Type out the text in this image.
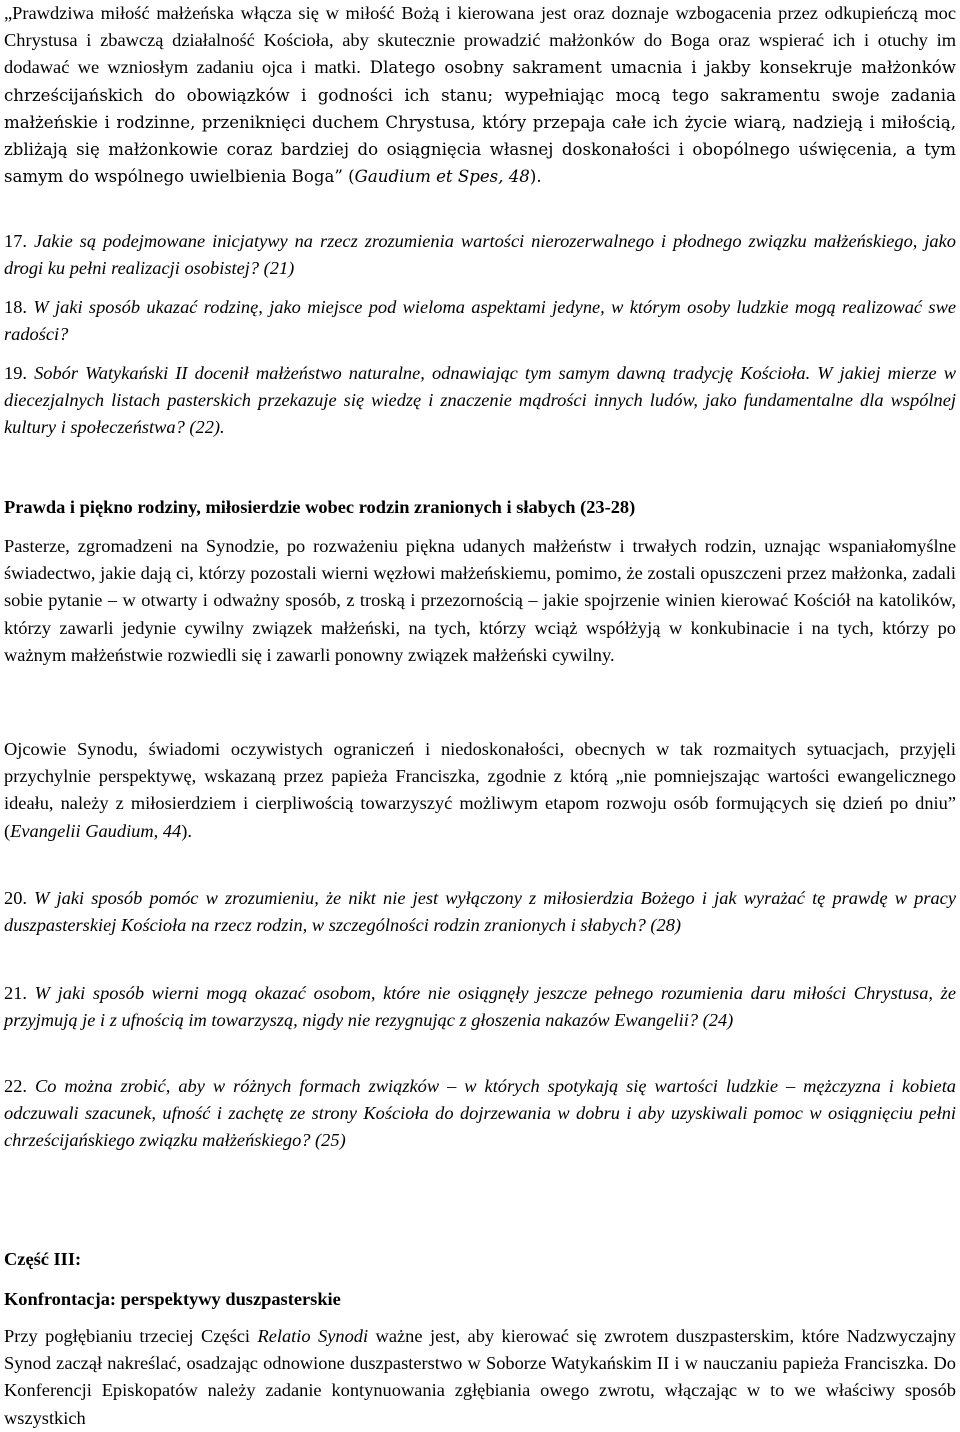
„Prawdziwa miłość małżeńska włącza się w miłość Bożą i kierowana jest oraz doznaje wzbogacenia przez odkupieńczą moc Chrystusa i zbawczą działalność Kościoła, aby skutecznie prowadzić małżonków do Boga oraz wspierać ich i otuchy im dodawać we wzniosłym zadaniu ojca i matki. Dlatego osobny sakrament umacnia i jakby konsekruje małżonków chrześcijańskich do obowiązków i godności ich stanu; wypełniając mocą tego sakramentu swoje zadania małżeńskie i rodzinne, przeniknięci duchem Chrystusa, który przepaja całe ich życie wiarą, nadzieją i miłością, zbliżają się małżonkowie coraz bardziej do osiągnięcia własnej doskonałości i obopólnego uświęcenia, a tym samym do wspólnego uwielbienia Boga” (Gaudium et Spes, 48).

17. Jakie są podejmowane inicjatywy na rzecz zrozumienia wartości nierozerwalnego i płodnego związku małżeńskiego, jako drogi ku pełni realizacji osobistej? (21)

18. W jaki sposób ukazać rodzinę, jako miejsce pod wieloma aspektami jedyne, w którym osoby ludzkie mogą realizować swe radości?

19. Sobór Watykański II docenił małżeństwo naturalne, odnawiając tym samym dawną tradycję Kościoła. W jakiej mierze w diecezjalnych listach pasterskich przekazuje się wiedzę i znaczenie mądrości innych ludów, jako fundamentalne dla wspólnej kultury i społeczeństwa? (22).

Prawda i piękno rodziny, miłosierdzie wobec rodzin zranionych i słabych (23-28)

Pasterze, zgromadzeni na Synodzie, po rozważeniu piękna udanych małżeństw i trwałych rodzin, uznając wspaniałomyślne świadectwo, jakie dają ci, którzy pozostali wierni węzłowi małżeńskiemu, pomimo, że zostali opuszczeni przez małżonka, zadali sobie pytanie – w otwarty i odważny sposób, z troską i przezornością – jakie spojrzenie winien kierować Kościół na katolików, którzy zawarli jedynie cywilny związek małżeński, na tych, którzy wciąż współżyją w konkubinacie i na tych, którzy po ważnym małżeństwie rozwiedli się i zawarli ponowny związek małżeński cywilny.

Ojcowie Synodu, świadomi oczywistych ograniczeń i niedoskonałości, obecnych w tak rozmaitych sytuacjach, przyjęli przychylnie perspektywę, wskazaną przez papieża Franciszka, zgodnie z którą „nie pomniejszając wartości ewangelicznego ideału, należy z miłosierdziem i cierpliwością towarzyszyć możliwym etapom rozwoju osób formujących się dzień po dniu” (Evangelii Gaudium, 44).

20. W jaki sposób pomóc w zrozumieniu, że nikt nie jest wyłączony z miłosierdzia Bożego i jak wyrażać tę prawdę w pracy duszpasterskiej Kościoła na rzecz rodzin, w szczególności rodzin zranionych i słabych? (28)

21. W jaki sposób wierni mogą okazać osobom, które nie osiągnęły jeszcze pełnego rozumienia daru miłości Chrystusa, że przyjmują je i z ufnością im towarzyszą, nigdy nie rezygnując z głoszenia nakazów Ewangelii? (24)

22. Co można zrobić, aby w różnych formach związków – w których spotykają się wartości ludzkie – mężczyzna i kobieta odczuwali szacunek, ufność i zachętę ze strony Kościoła do dojrzewania w dobru i aby uzyskiwali pomoc w osiągnięciu pełni chrześcijańskiego związku małżeńskiego? (25)

Część III:

Konfrontacja: perspektywy duszpasterskie

Przy pogłębianiu trzeciej Części Relatio Synodi ważne jest, aby kierować się zwrotem duszpasterskim, które Nadzwyczajny Synod zaczął nakreślać, osadzając odnowione duszpasterstwo w Soborze Watykańskim II i w nauczaniu papieża Franciszka. Do Konferencji Episkopatów należy zadanie kontynuowania zgłębiania owego zwrotu, włączając w to we właściwy sposób wszystkich
